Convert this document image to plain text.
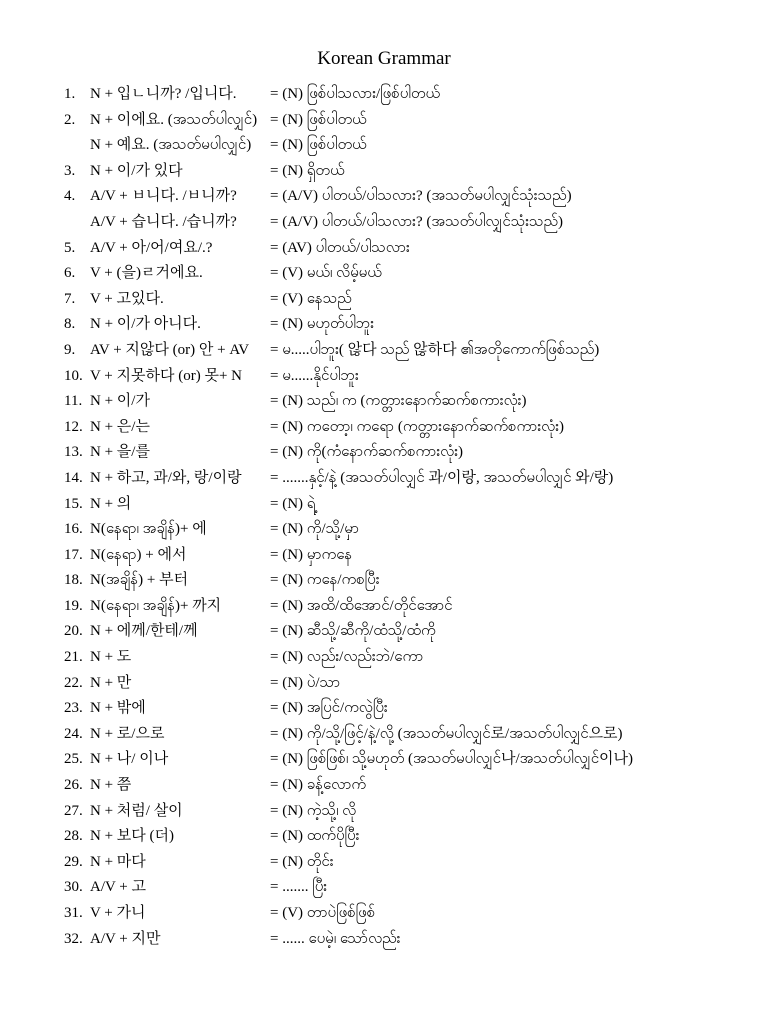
Korean Grammar
1. N + 입ㄴ니까? /입니다.	= (N) ဖြစ်ပါသလား/ဖြစ်ပါတယ်
2. N + 이에요. (အသတ်ပါလျှင်) = (N) ဖြစ်ပါတယ်
N + 예요. (အသတ်မပါလျှင်)	= (N) ဖြစ်ပါတယ်
3. N + 이/가 있다	= (N) ရှိတယ်
4. A/V + ㅂ니다. /ㅂ니까?	= (A/V) ပါတယ်/ပါသလား? (အသတ်မပါလျှင်သုံးသည်)
A/V + 습니다. /습니까?	= (A/V) ပါတယ်/ပါသလား? (အသတ်ပါလျှင်သုံးသည်)
5. A/V + 아/어/여요/.?	= (AV) ပါတယ်/ပါသလား
6. V + (을)ㄹ거에요.	= (V) မယ်၊ လိမ့်မယ်
7. V + 고있다.	= (V) နေသည်
8. N + 이/가 아니다.	= (N) မဟုတ်ပါဘူး
9. AV + 지않다 (or) 안 + AV	= မ.....ပါဘူး( 않다 သည် 않하다 ၏အတိုကောက်ဖြစ်သည်)
10. V + 지못하다 (or) 못+ N	= မ......နိုင်ပါဘူး
11. N + 이/가	= (N) သည်၊ က (ကတ္တားနောက်ဆက်စကားလုံး)
12. N + 은/는	= (N) ကတော့၊ ကရော (ကတ္တားနောက်ဆက်စကားလုံး)
13. N + 을/를	= (N) ကို(ကံနောက်ဆက်စကားလုံး)
14. N + 하고, 과/와, 랑/이랑	= .......နှင့်/နဲ့ (အသတ်ပါလျှင် 과/이랑, အသတ်မပါလျှင် 와/랑)
15. N + 의	= (N) ရဲ့
16. N(နေရာ၊ အချိန်)+ 에	= (N) ကို/သို့/မှာ
17. N(နေရာ) + 에서	= (N) မှာကနေ
18. N(အချိန်) + 부터	= (N) ကနေ/ကစပြီး
19. N(နေရာ၊ အချိန်)+ 까지	= (N) အထိ/ထိအောင်/တိုင်အောင်
20. N + 에께/한테/께	= (N) ဆီသို့/ဆီကို/ထံသို့/ထံကို
21. N + 도	= (N) လည်း/လည်းဘဲ/ကော
22. N + 만	= (N) ပဲ/သာ
23. N + 밖에	= (N) အပြင်/ကလွဲပြီး
24. N + 로/으로	= (N) ကို/သို့/ဖြင့်/နဲ့/လို့ (အသတ်မပါလျှင်로/အသတ်ပါလျှင်으로)
25. N + 나/ 이나	= (N) ဖြစ်ဖြစ်၊ သို့မဟုတ် (အသတ်မပါလျှင်나/အသတ်ပါလျှင်이나)
26. N + 쯤	= (N) ခန့်လောက်
27. N + 처럼/ 살이	= (N) ကဲ့သို့၊ လို
28. N + 보다 (더)	= (N) ထက်ပိုပြီး
29. N + 마다	= (N) တိုင်း
30. A/V + 고	= ....... ပြီး
31. V + 가니	= (V) တာပဲဖြစ်ဖြစ်
32. A/V + 지만	= ...... ပေမဲ့၊ သော်လည်း
